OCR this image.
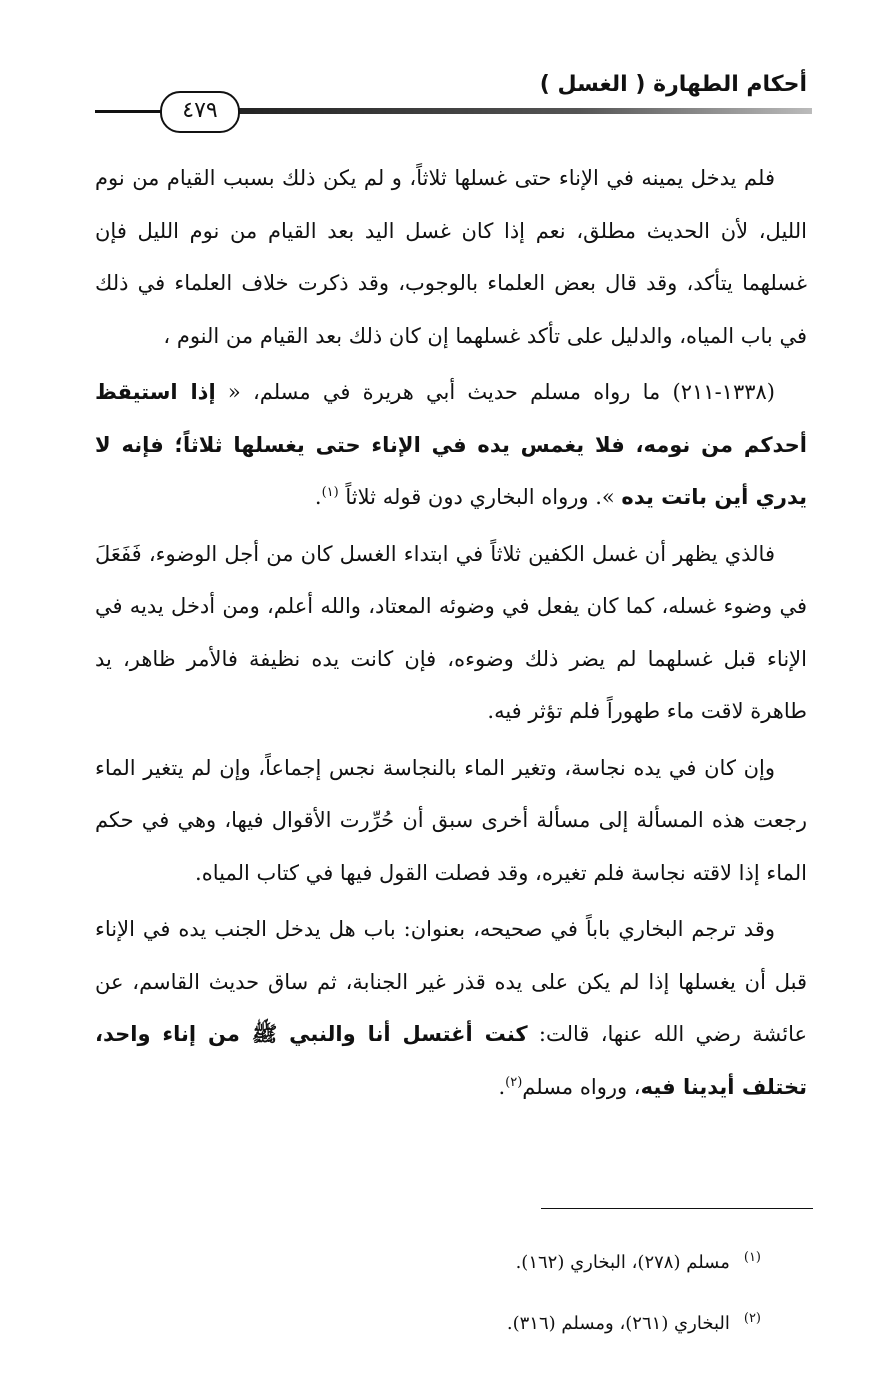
أحكام الطهارة ( الغسل )
٤٧٩

فلم يدخل يمينه في الإناء حتى غسلها ثلاثاً، و لم يكن ذلك بسبب القيام من نوم الليل، لأن الحديث مطلق، نعم إذا كان غسل اليد بعد القيام من نوم الليل فإن غسلهما يتأكد، وقد قال بعض العلماء بالوجوب، وقد ذكرت خلاف العلماء في ذلك في باب المياه، والدليل على تأكد غسلهما إن كان ذلك بعد القيام من النوم ،

(١٣٣٨-٢١١) ما رواه مسلم حديث أبي هريرة في مسلم، « إذا استيقظ أحدكم من نومه، فلا يغمس يده في الإناء حتى يغسلها ثلاثاً؛ فإنه لا يدري أين باتت يده ». ورواه البخاري دون قوله ثلاثاً $^{(١)}$.

فالذي يظهر أن غسل الكفين ثلاثاً في ابتداء الغسل كان من أجل الوضوء، فَفَعَلَ في وضوء غسله، كما كان يفعل في وضوئه المعتاد، والله أعلم، ومن أدخل يديه في الإناء قبل غسلهما لم يضر ذلك وضوءه، فإن كانت يده نظيفة فالأمر ظاهر، يد طاهرة لاقت ماء طهوراً فلم تؤثر فيه.

وإن كان في يده نجاسة، وتغير الماء بالنجاسة نجس إجماعاً، وإن لم يتغير الماء رجعت هذه المسألة إلى مسألة أخرى سبق أن حُرِّرت الأقوال فيها، وهي في حكم الماء إذا لاقته نجاسة فلم تغيره، وقد فصلت القول فيها في كتاب المياه.

وقد ترجم البخاري باباً في صحيحه، بعنوان: باب هل يدخل الجنب يده في الإناء قبل أن يغسلها إذا لم يكن على يده قذر غير الجنابة، ثم ساق حديث القاسم، عن عائشة رضي الله عنها، قالت: كنت أغتسل أنا والنبي ﷺ من إناء واحد، تختلف أيدينا فيه، ورواه مسلم$^{(٢)}$.

$^{(١)}$مسلم (٢٧٨)، البخاري (١٦٢).
$^{(٢)}$البخاري (٢٦١)، ومسلم (٣١٦).
